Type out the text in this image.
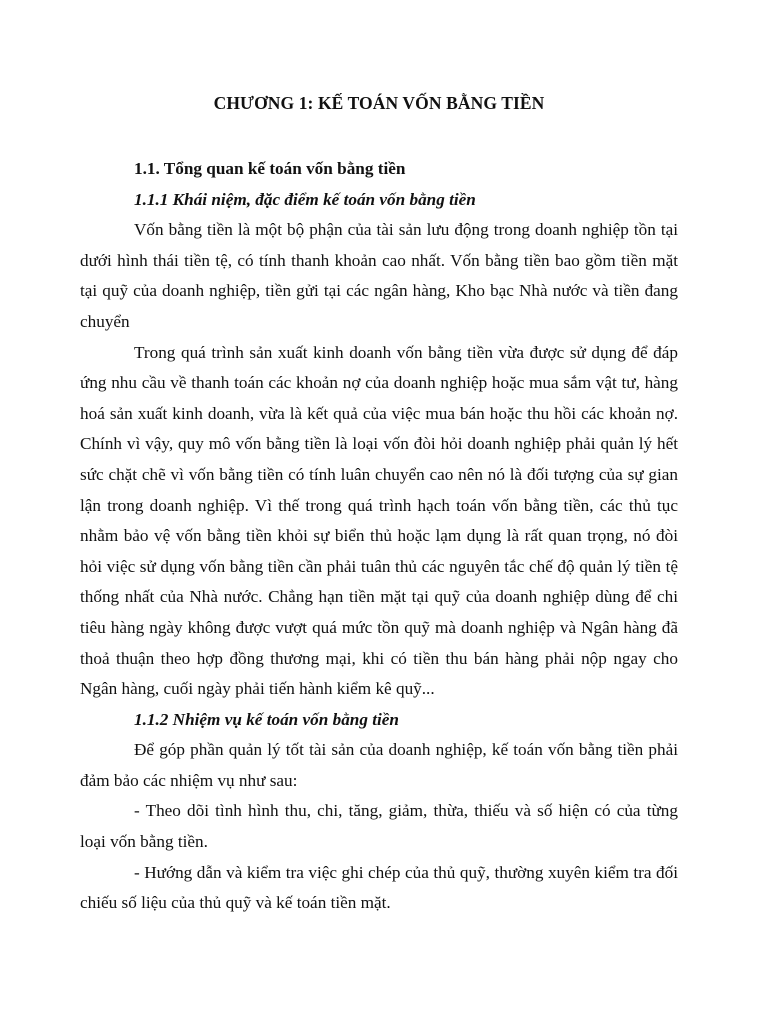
CHƯƠNG 1: KẾ TOÁN VỐN BẰNG TIỀN
1.1. Tổng quan kế toán vốn bằng tiền
1.1.1 Khái niệm, đặc điểm kế toán vốn bằng tiền

Vốn bằng tiền là một bộ phận của tài sản lưu động trong doanh nghiệp tồn tại dưới hình thái tiền tệ, có tính thanh khoản cao nhất. Vốn bằng tiền bao gồm tiền mặt tại quỹ của doanh nghiệp, tiền gửi tại các ngân hàng, Kho bạc Nhà nước và tiền đang chuyển

Trong quá trình sản xuất kinh doanh vốn bằng tiền vừa được sử dụng để đáp ứng nhu cầu về thanh toán các khoản nợ của doanh nghiệp hoặc mua sắm vật tư, hàng hoá sản xuất kinh doanh, vừa là kết quả của việc mua bán hoặc thu hồi các khoản nợ. Chính vì vậy, quy mô vốn bằng tiền là loại vốn đòi hỏi doanh nghiệp phải quản lý hết sức chặt chẽ vì vốn bằng tiền có tính luân chuyển cao nên nó là đối tượng của sự gian lận trong doanh nghiệp. Vì thế trong quá trình hạch toán vốn bằng tiền, các thủ tục nhằm bảo vệ vốn bằng tiền khỏi sự biển thủ hoặc lạm dụng là rất quan trọng, nó đòi hỏi việc sử dụng vốn bằng tiền cần phải tuân thủ các nguyên tắc chế độ quản lý tiền tệ thống nhất của Nhà nước. Chẳng hạn tiền mặt tại quỹ của doanh nghiệp dùng để chi tiêu hàng ngày không được vượt quá mức tồn quỹ mà doanh nghiệp và Ngân hàng đã thoả thuận theo hợp đồng thương mại, khi có tiền thu bán hàng phải nộp ngay cho Ngân hàng, cuối ngày phải tiến hành kiểm kê quỹ...

1.1.2 Nhiệm vụ kế toán vốn bằng tiền

Để góp phần quản lý tốt tài sản của doanh nghiệp, kế toán vốn bằng tiền phải đảm bảo các nhiệm vụ như sau:

- Theo dõi tình hình thu, chi, tăng, giảm, thừa, thiếu và số hiện có của từng loại vốn bằng tiền.

- Hướng dẫn và kiểm tra việc ghi chép của thủ quỹ, thường xuyên kiểm tra đối chiếu số liệu của thủ quỹ và kế toán tiền mặt.
